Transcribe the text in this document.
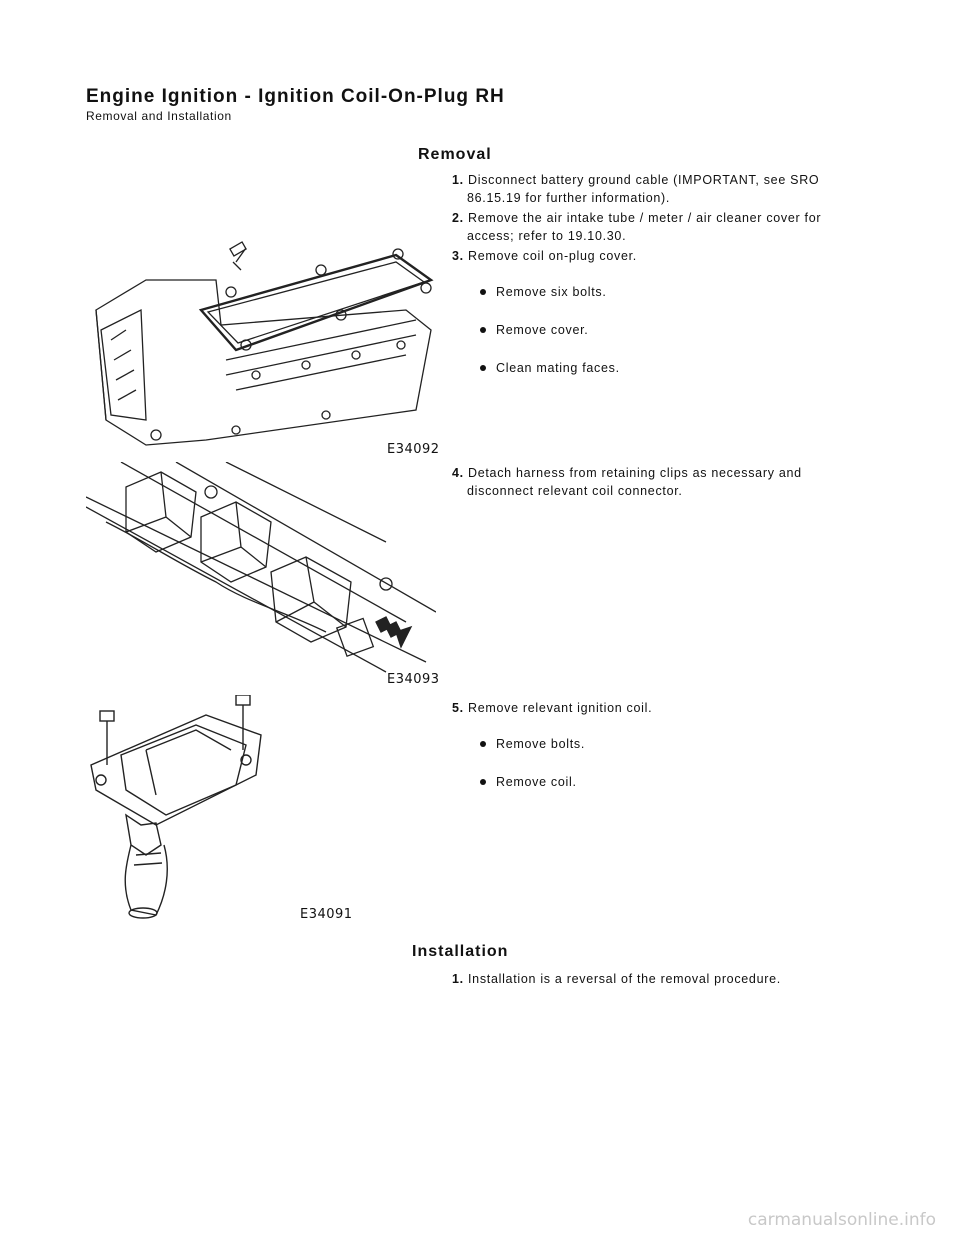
Engine Ignition - Ignition Coil-On-Plug RH
Removal and Installation
Removal
1. Disconnect battery ground cable (IMPORTANT, see SRO 86.15.19 for further information).
2. Remove the air intake tube / meter / air cleaner cover for access; refer to 19.10.30.
3. Remove coil on-plug cover.
Remove six bolts.
Remove cover.
Clean mating faces.
4. Detach harness from retaining clips as necessary and disconnect relevant coil connector.
5. Remove relevant ignition coil.
Remove bolts.
Remove coil.
Installation
1. Installation is a reversal of the removal procedure.
E34092
E34093
E34091
carmanualsonline.info
